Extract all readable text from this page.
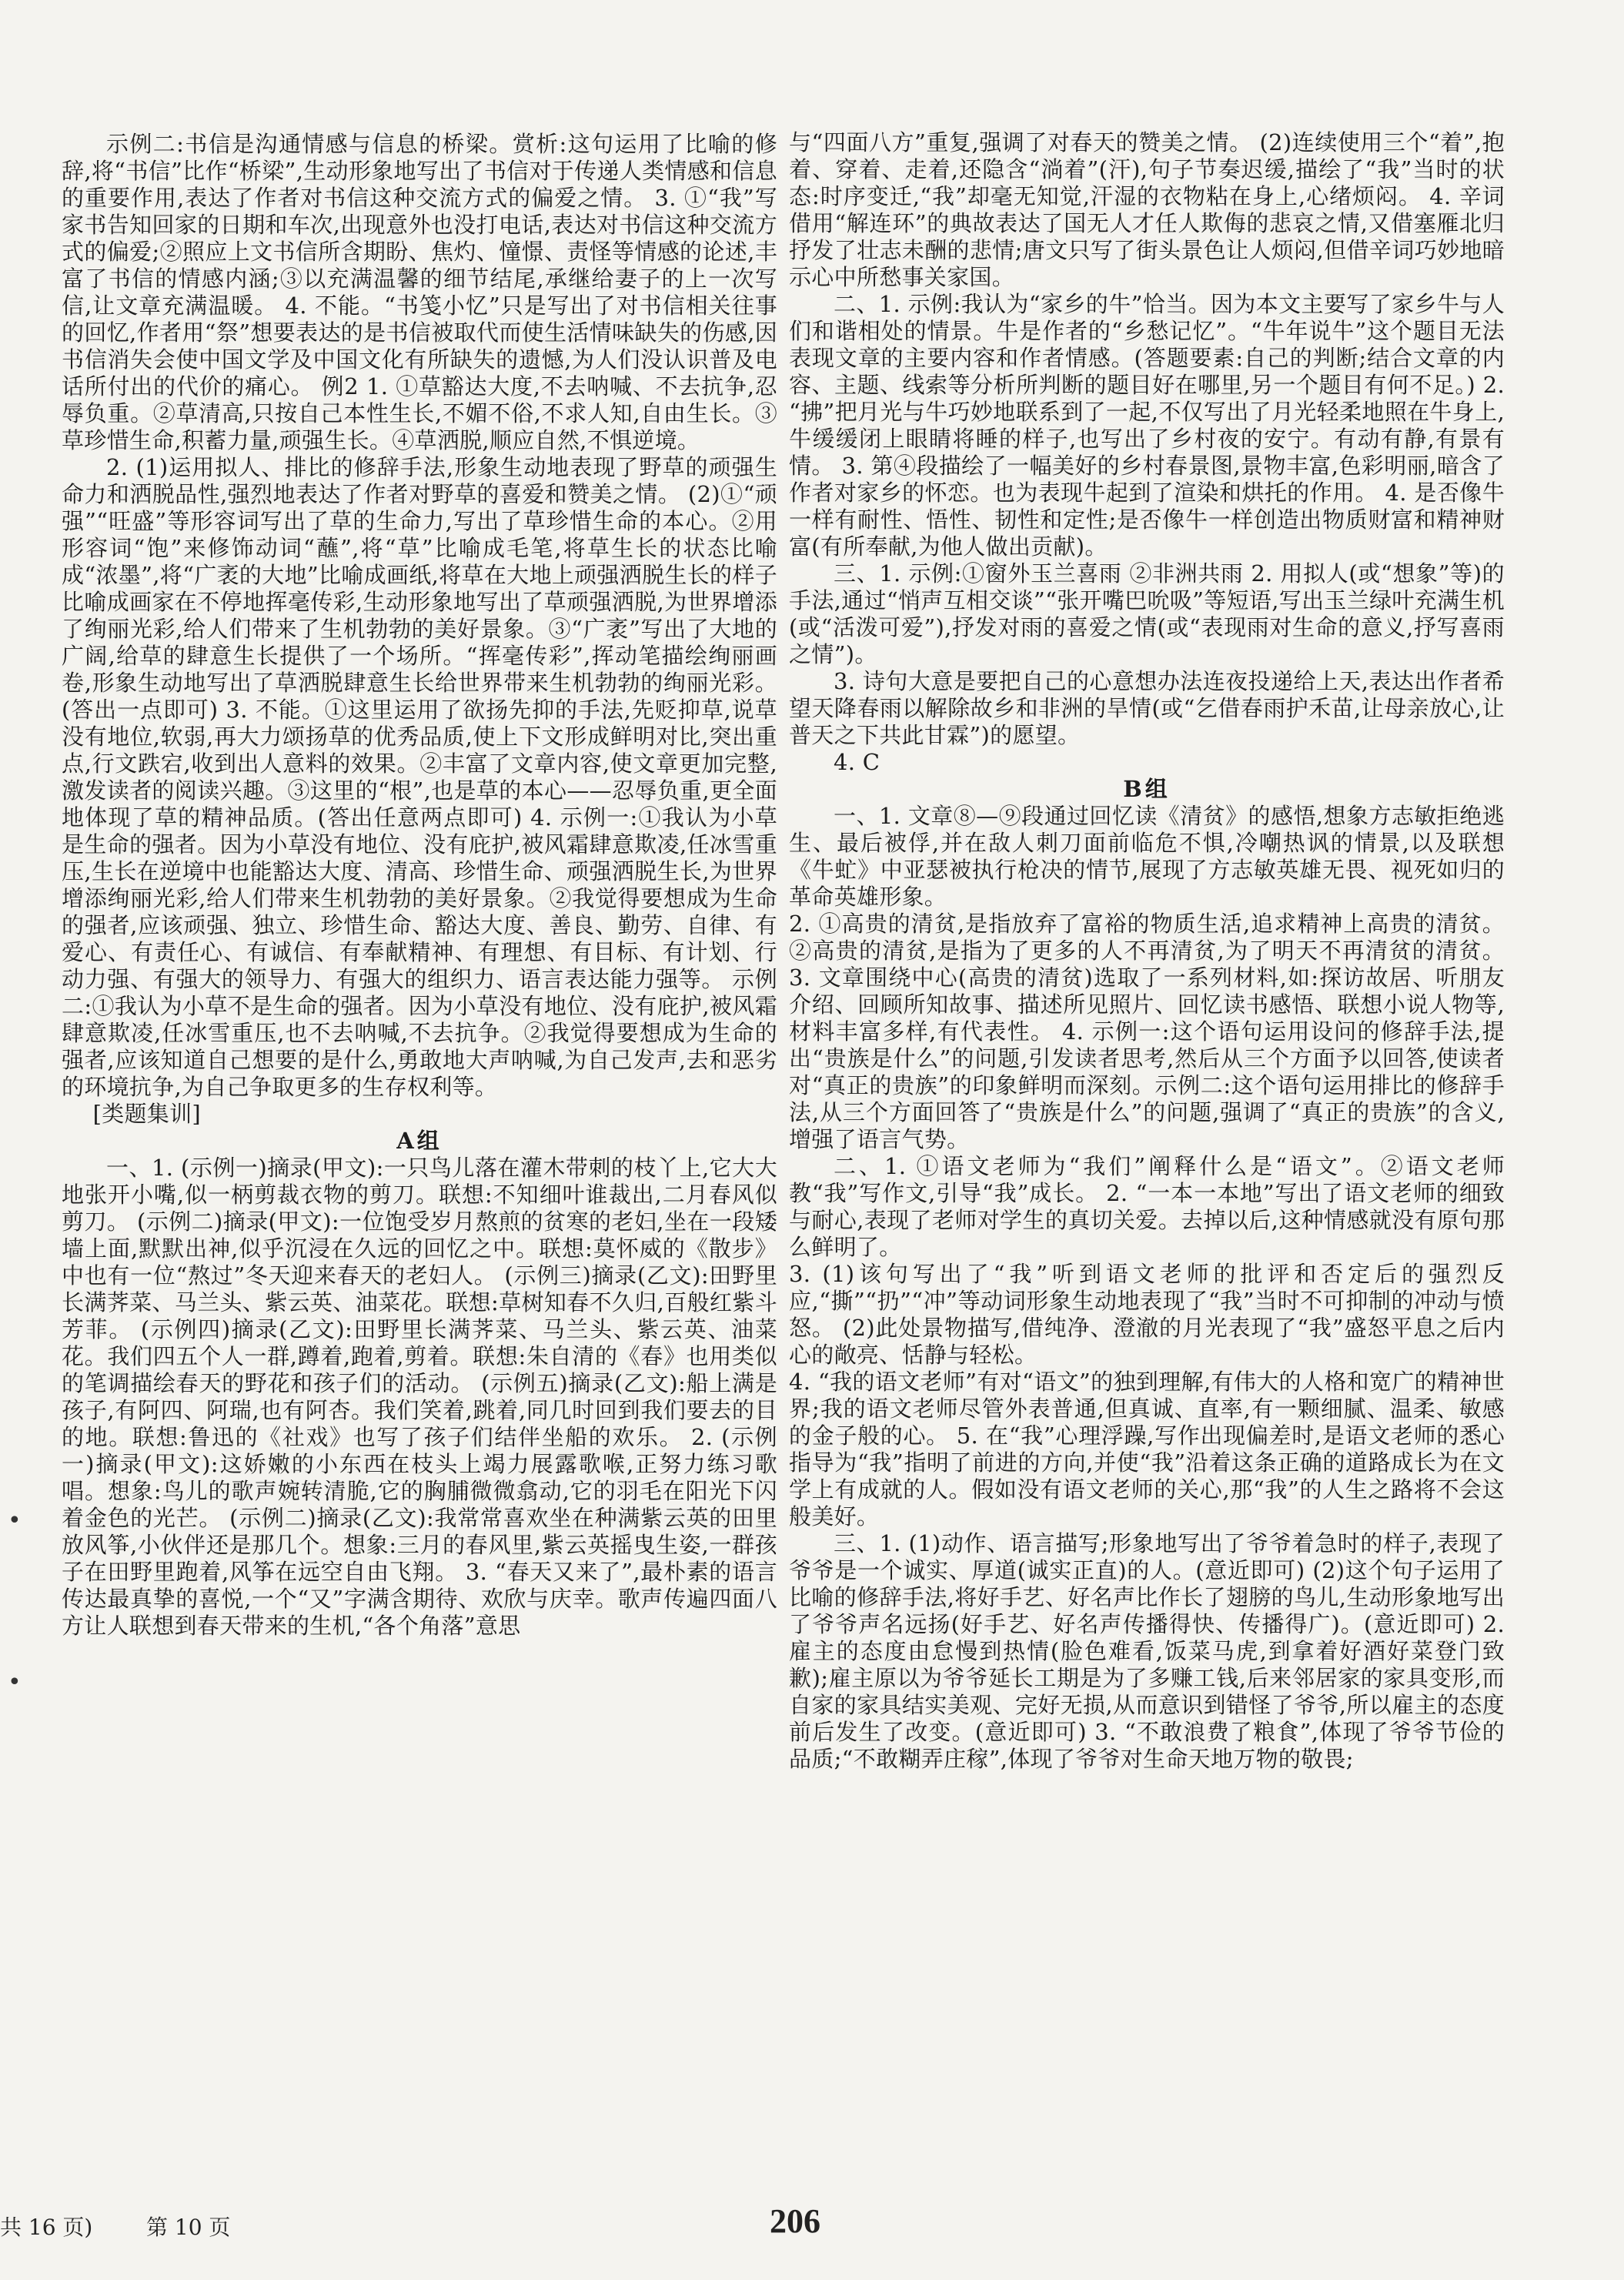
示例二:书信是沟通情感与信息的桥梁。赏析:这句运用了比喻的修辞,将“书信”比作“桥梁”,生动形象地写出了书信对于传递人类情感和信息的重要作用,表达了作者对书信这种交流方式的偏爱之情。 3. ①“我”写家书告知回家的日期和车次,出现意外也没打电话,表达对书信这种交流方式的偏爱;②照应上文书信所含期盼、焦灼、憧憬、责怪等情感的论述,丰富了书信的情感内涵;③以充满温馨的细节结尾,承继给妻子的上一次写信,让文章充满温暖。 4. 不能。“书笺小忆”只是写出了对书信相关往事的回忆,作者用“祭”想要表达的是书信被取代而使生活情味缺失的伤感,因书信消失会使中国文学及中国文化有所缺失的遗憾,为人们没认识普及电话所付出的代价的痛心。 例2 1. ①草豁达大度,不去呐喊、不去抗争,忍辱负重。②草清高,只按自己本性生长,不媚不俗,不求人知,自由生长。③草珍惜生命,积蓄力量,顽强生长。④草洒脱,顺应自然,不惧逆境。

2. (1)运用拟人、排比的修辞手法,形象生动地表现了野草的顽强生命力和洒脱品性,强烈地表达了作者对野草的喜爱和赞美之情。 (2)①“顽强”“旺盛”等形容词写出了草的生命力,写出了草珍惜生命的本心。②用形容词“饱”来修饰动词“蘸”,将“草”比喻成毛笔,将草生长的状态比喻成“浓墨”,将“广袤的大地”比喻成画纸,将草在大地上顽强洒脱生长的样子比喻成画家在不停地挥毫传彩,生动形象地写出了草顽强洒脱,为世界增添了绚丽光彩,给人们带来了生机勃勃的美好景象。③“广袤”写出了大地的广阔,给草的肆意生长提供了一个场所。“挥毫传彩”,挥动笔描绘绚丽画卷,形象生动地写出了草洒脱肆意生长给世界带来生机勃勃的绚丽光彩。(答出一点即可) 3. 不能。①这里运用了欲扬先抑的手法,先贬抑草,说草没有地位,软弱,再大力颂扬草的优秀品质,使上下文形成鲜明对比,突出重点,行文跌宕,收到出人意料的效果。②丰富了文章内容,使文章更加完整,激发读者的阅读兴趣。③这里的“根”,也是草的本心——忍辱负重,更全面地体现了草的精神品质。(答出任意两点即可) 4. 示例一:①我认为小草是生命的强者。因为小草没有地位、没有庇护,被风霜肆意欺凌,任冰雪重压,生长在逆境中也能豁达大度、清高、珍惜生命、顽强洒脱生长,为世界增添绚丽光彩,给人们带来生机勃勃的美好景象。②我觉得要想成为生命的强者,应该顽强、独立、珍惜生命、豁达大度、善良、勤劳、自律、有爱心、有责任心、有诚信、有奉献精神、有理想、有目标、有计划、行动力强、有强大的领导力、有强大的组织力、语言表达能力强等。 示例二:①我认为小草不是生命的强者。因为小草没有地位、没有庇护,被风霜肆意欺凌,任冰雪重压,也不去呐喊,不去抗争。②我觉得要想成为生命的强者,应该知道自己想要的是什么,勇敢地大声呐喊,为自己发声,去和恶劣的环境抗争,为自己争取更多的生存权利等。

[类题集训]

A组

一、1. (示例一)摘录(甲文):一只鸟儿落在灌木带刺的枝丫上,它大大地张开小嘴,似一柄剪裁衣物的剪刀。联想:不知细叶谁裁出,二月春风似剪刀。 (示例二)摘录(甲文):一位饱受岁月熬煎的贫寒的老妇,坐在一段矮墙上面,默默出神,似乎沉浸在久远的回忆之中。联想:莫怀威的《散步》中也有一位“熬过”冬天迎来春天的老妇人。 (示例三)摘录(乙文):田野里长满荠菜、马兰头、紫云英、油菜花。联想:草树知春不久归,百般红紫斗芳菲。 (示例四)摘录(乙文):田野里长满荠菜、马兰头、紫云英、油菜花。我们四五个人一群,蹲着,跑着,剪着。联想:朱自清的《春》也用类似的笔调描绘春天的野花和孩子们的活动。 (示例五)摘录(乙文):船上满是孩子,有阿四、阿瑞,也有阿杏。我们笑着,跳着,同几时回到我们要去的目的地。联想:鲁迅的《社戏》也写了孩子们结伴坐船的欢乐。 2. (示例一)摘录(甲文):这娇嫩的小东西在枝头上竭力展露歌喉,正努力练习歌唱。想象:鸟儿的歌声婉转清脆,它的胸脯微微翕动,它的羽毛在阳光下闪着金色的光芒。 (示例二)摘录(乙文):我常常喜欢坐在种满紫云英的田里放风筝,小伙伴还是那几个。想象:三月的春风里,紫云英摇曳生姿,一群孩子在田野里跑着,风筝在远空自由飞翔。 3. “春天又来了”,最朴素的语言传达最真挚的喜悦,一个“又”字满含期待、欢欣与庆幸。歌声传遍四面八方让人联想到春天带来的生机,“各个角落”意思

与“四面八方”重复,强调了对春天的赞美之情。 (2)连续使用三个“着”,抱着、穿着、走着,还隐含“淌着”(汗),句子节奏迟缓,描绘了“我”当时的状态:时序变迁,“我”却毫无知觉,汗湿的衣物粘在身上,心绪烦闷。 4. 辛词借用“解连环”的典故表达了国无人才任人欺侮的悲哀之情,又借塞雁北归抒发了壮志未酬的悲情;唐文只写了街头景色让人烦闷,但借辛词巧妙地暗示心中所愁事关家国。

二、1. 示例:我认为“家乡的牛”恰当。因为本文主要写了家乡牛与人们和谐相处的情景。牛是作者的“乡愁记忆”。“牛年说牛”这个题目无法表现文章的主要内容和作者情感。(答题要素:自己的判断;结合文章的内容、主题、线索等分析所判断的题目好在哪里,另一个题目有何不足。) 2. “拂”把月光与牛巧妙地联系到了一起,不仅写出了月光轻柔地照在牛身上,牛缓缓闭上眼睛将睡的样子,也写出了乡村夜的安宁。有动有静,有景有情。 3. 第④段描绘了一幅美好的乡村春景图,景物丰富,色彩明丽,暗含了作者对家乡的怀恋。也为表现牛起到了渲染和烘托的作用。 4. 是否像牛一样有耐性、悟性、韧性和定性;是否像牛一样创造出物质财富和精神财富(有所奉献,为他人做出贡献)。

三、1. 示例:①窗外玉兰喜雨 ②非洲共雨 2. 用拟人(或“想象”等)的手法,通过“悄声互相交谈”“张开嘴巴吮吸”等短语,写出玉兰绿叶充满生机(或“活泼可爱”),抒发对雨的喜爱之情(或“表现雨对生命的意义,抒写喜雨之情”)。

3. 诗句大意是要把自己的心意想办法连夜投递给上天,表达出作者希望天降春雨以解除故乡和非洲的旱情(或“乞借春雨护禾苗,让母亲放心,让普天之下共此甘霖”)的愿望。

4. C

B组

一、1. 文章⑧—⑨段通过回忆读《清贫》的感悟,想象方志敏拒绝逃生、最后被俘,并在敌人刺刀面前临危不惧,冷嘲热讽的情景,以及联想《牛虻》中亚瑟被执行枪决的情节,展现了方志敏英雄无畏、视死如归的革命英雄形象。

2. ①高贵的清贫,是指放弃了富裕的物质生活,追求精神上高贵的清贫。②高贵的清贫,是指为了更多的人不再清贫,为了明天不再清贫的清贫。 3. 文章围绕中心(高贵的清贫)选取了一系列材料,如:探访故居、听朋友介绍、回顾所知故事、描述所见照片、回忆读书感悟、联想小说人物等,材料丰富多样,有代表性。 4. 示例一:这个语句运用设问的修辞手法,提出“贵族是什么”的问题,引发读者思考,然后从三个方面予以回答,使读者对“真正的贵族”的印象鲜明而深刻。示例二:这个语句运用排比的修辞手法,从三个方面回答了“贵族是什么”的问题,强调了“真正的贵族”的含义,增强了语言气势。

二、1. ①语文老师为“我们”阐释什么是“语文”。②语文老师教“我”写作文,引导“我”成长。 2. “一本一本地”写出了语文老师的细致与耐心,表现了老师对学生的真切关爱。去掉以后,这种情感就没有原句那么鲜明了。

3. (1)该句写出了“我”听到语文老师的批评和否定后的强烈反应,“撕”“扔”“冲”等动词形象生动地表现了“我”当时不可抑制的冲动与愤怒。 (2)此处景物描写,借纯净、澄澈的月光表现了“我”盛怒平息之后内心的敞亮、恬静与轻松。

4. “我的语文老师”有对“语文”的独到理解,有伟大的人格和宽广的精神世界;我的语文老师尽管外表普通,但真诚、直率,有一颗细腻、温柔、敏感的金子般的心。 5. 在“我”心理浮躁,写作出现偏差时,是语文老师的悉心指导为“我”指明了前进的方向,并使“我”沿着这条正确的道路成长为在文学上有成就的人。假如没有语文老师的关心,那“我”的人生之路将不会这般美好。

三、1. (1)动作、语言描写;形象地写出了爷爷着急时的样子,表现了爷爷是一个诚实、厚道(诚实正直)的人。(意近即可) (2)这个句子运用了比喻的修辞手法,将好手艺、好名声比作长了翅膀的鸟儿,生动形象地写出了爷爷声名远扬(好手艺、好名声传播得快、传播得广)。(意近即可) 2. 雇主的态度由怠慢到热情(脸色难看,饭菜马虎,到拿着好酒好菜登门致歉);雇主原以为爷爷延长工期是为了多赚工钱,后来邻居家的家具变形,而自家的家具结实美观、完好无损,从而意识到错怪了爷爷,所以雇主的态度前后发生了改变。(意近即可) 3. “不敢浪费了粮食”,体现了爷爷节俭的品质;“不敢糊弄庄稼”,体现了爷爷对生命天地万物的敬畏;

•
•
共 16 页) 第 10 页	206
